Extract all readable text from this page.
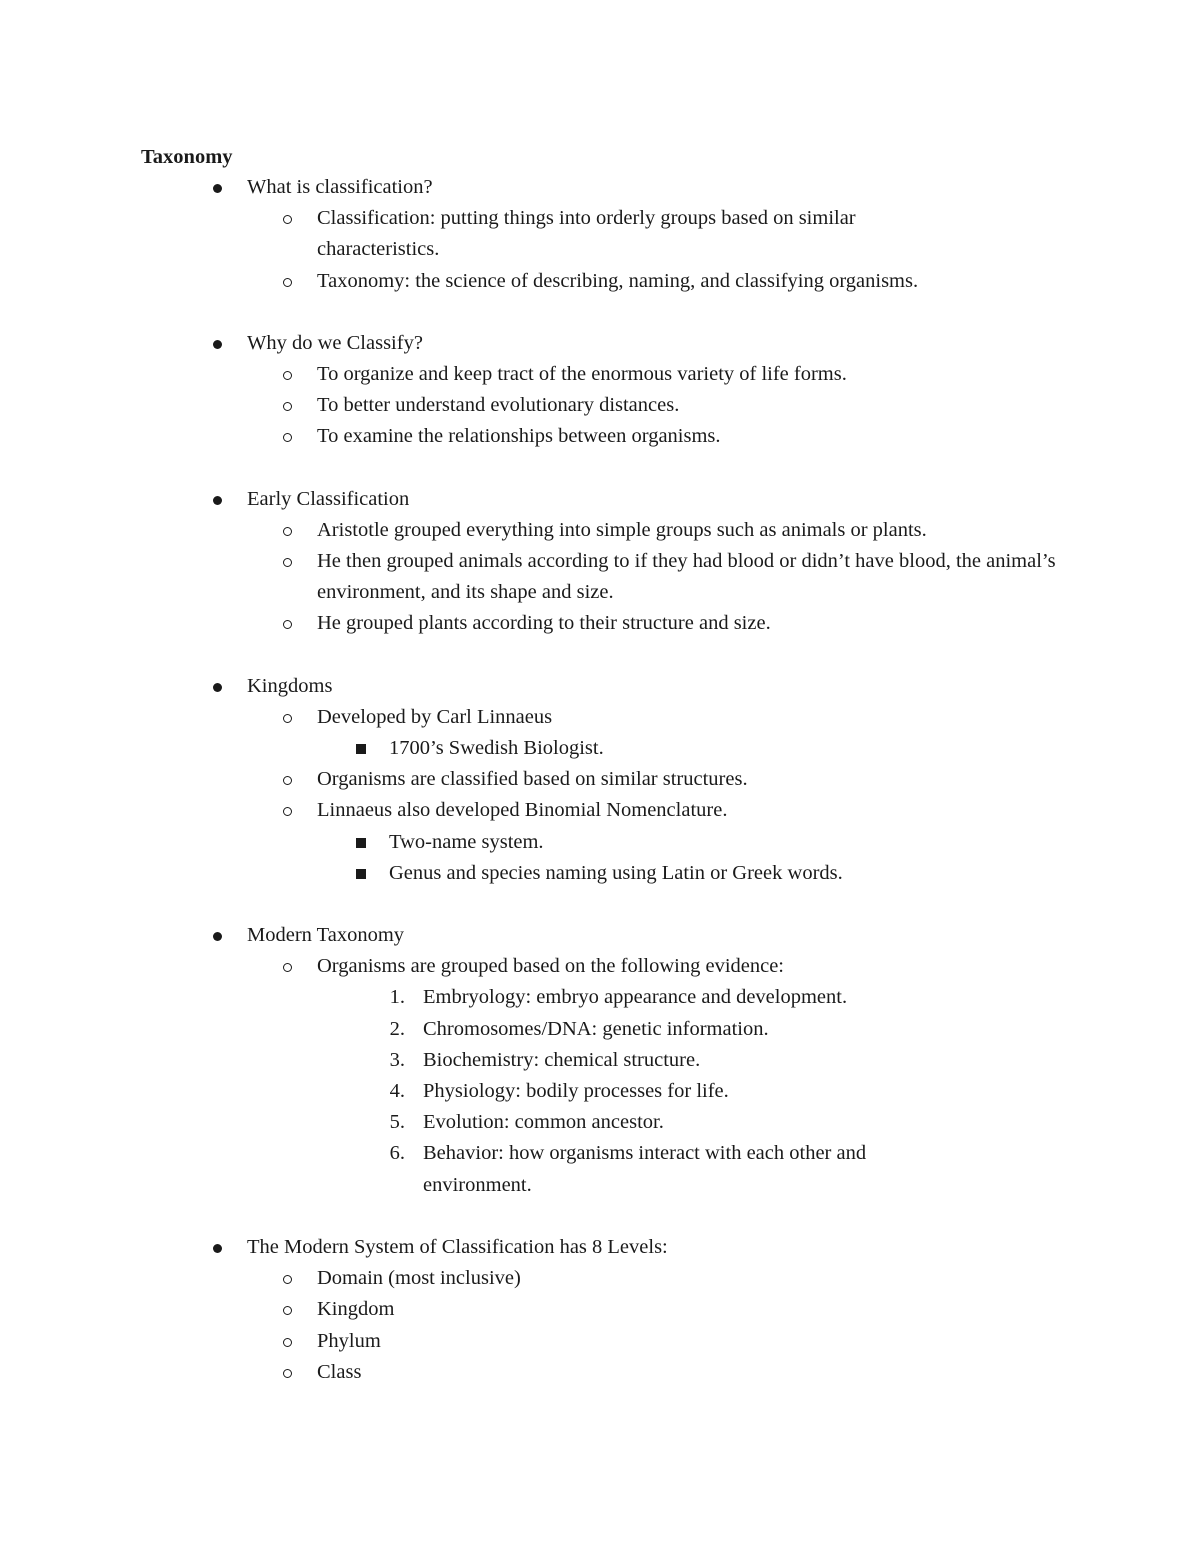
Taxonomy
What is classification?
Classification: putting things into orderly groups based on similar characteristics.
Taxonomy: the science of describing, naming, and classifying organisms.
Why do we Classify?
To organize and keep tract of the enormous variety of life forms.
To better understand evolutionary distances.
To examine the relationships between organisms.
Early Classification
Aristotle grouped everything into simple groups such as animals or plants.
He then grouped animals according to if they had blood or didn’t have blood, the animal’s environment, and its shape and size.
He grouped plants according to their structure and size.
Kingdoms
Developed by Carl Linnaeus
1700’s Swedish Biologist.
Organisms are classified based on similar structures.
Linnaeus also developed Binomial Nomenclature.
Two-name system.
Genus and species naming using Latin or Greek words.
Modern Taxonomy
Organisms are grouped based on the following evidence:
1. Embryology: embryo appearance and development.
2. Chromosomes/DNA: genetic information.
3. Biochemistry: chemical structure.
4. Physiology: bodily processes for life.
5. Evolution: common ancestor.
6. Behavior: how organisms interact with each other and environment.
The Modern System of Classification has 8 Levels:
Domain (most inclusive)
Kingdom
Phylum
Class
